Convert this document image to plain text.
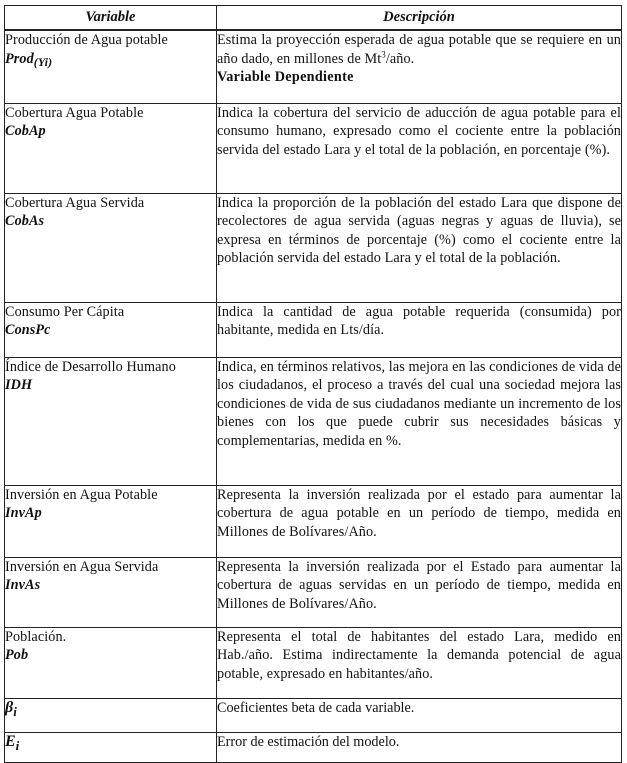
Variable	Descripción

Producción de Agua potable
Prod$_{(Yi)}$	Estima la proyección esperada de agua potable que se requiere en un año dado, en millones de Mt$^3$/año.
Variable Dependiente

Cobertura Agua Potable
CobAp	Indica la cobertura del servicio de aducción de agua potable para el consumo humano, expresado como el cociente entre la población servida del estado Lara y el total de la población, en porcentaje (%).

Cobertura Agua Servida
CobAs	Indica la proporción de la población del estado Lara que dispone de recolectores de agua servida (aguas negras y aguas de lluvia), se expresa en términos de porcentaje (%) como el cociente entre la población servida del estado Lara y el total de la población.

Consumo Per Cápita
ConsPc	Indica la cantidad de agua potable requerida (consumida) por habitante, medida en Lts/día.

Índice de Desarrollo Humano
IDH	Indica, en términos relativos, las mejora en las condiciones de vida de los ciudadanos, el proceso a través del cual una sociedad mejora las condiciones de vida de sus ciudadanos mediante un incremento de los bienes con los que puede cubrir sus necesidades básicas y complementarias, medida en %.

Inversión en Agua Potable
InvAp	Representa la inversión realizada por el estado para aumentar la cobertura de agua potable en un período de tiempo, medida en Millones de Bolívares/Año.

Inversión en Agua Servida
InvAs	Representa la inversión realizada por el Estado para aumentar la cobertura de aguas servidas en un período de tiempo, medida en Millones de Bolívares/Año.

Población.
Pob	Representa el total de habitantes del estado Lara, medido en Hab./año. Estima indirectamente la demanda potencial de agua potable, expresado en habitantes/año.
$\beta_i$	Coeficientes beta de cada variable.
$E_i$	Error de estimación del modelo.
